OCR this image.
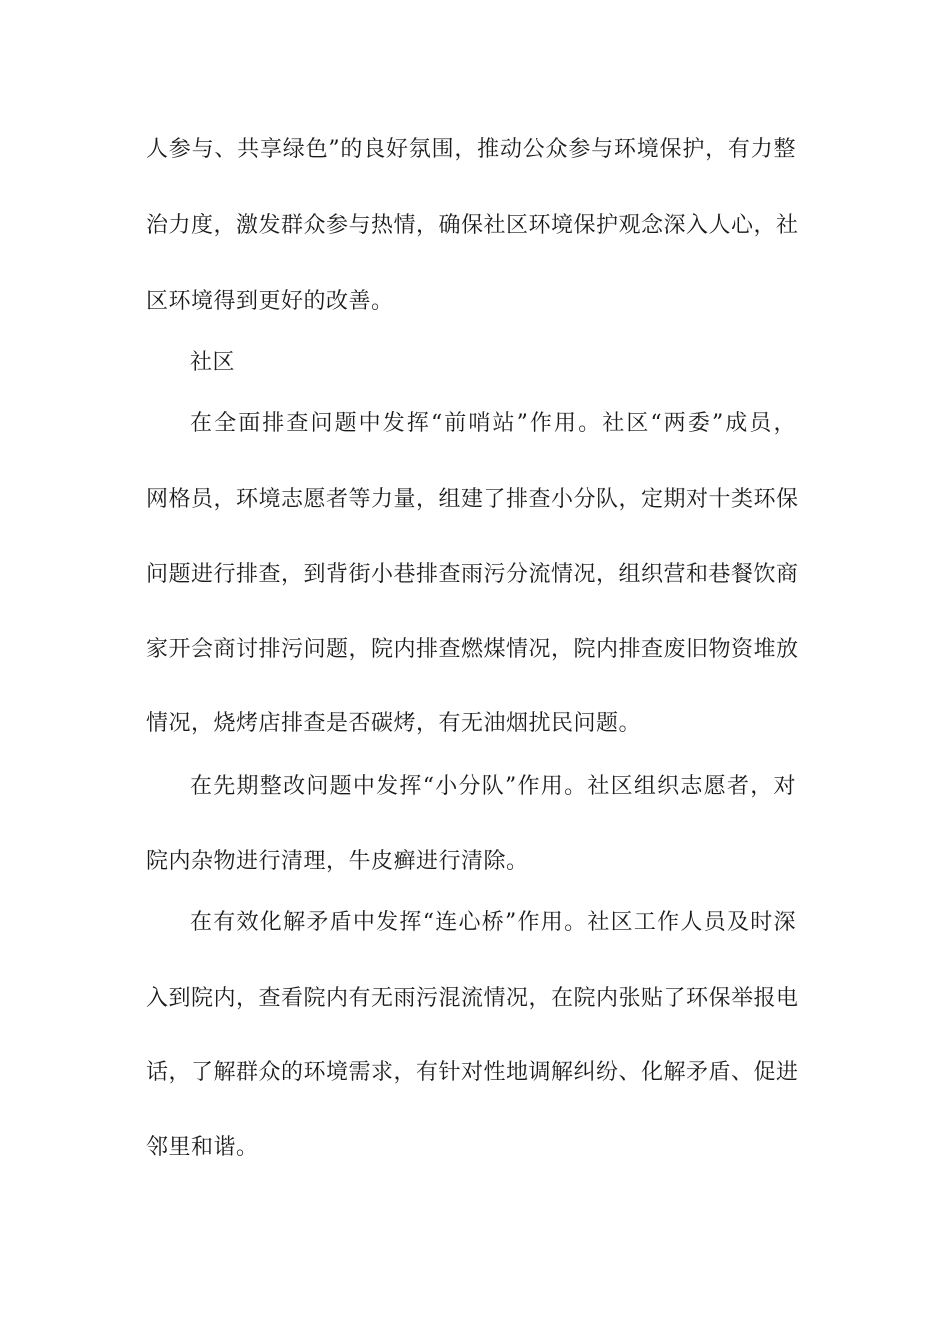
人参与、共享绿色”的良好氛围，推动公众参与环境保护，有力整
治力度，激发群众参与热情，确保社区环境保护观念深入人心，社
区环境得到更好的改善。
社区
在全面排查问题中发挥“前哨站”作用。社区“两委”成员，
网格员，环境志愿者等力量，组建了排查小分队，定期对十类环保
问题进行排查，到背街小巷排查雨污分流情况，组织营和巷餐饮商
家开会商讨排污问题，院内排查燃煤情况，院内排查废旧物资堆放
情况，烧烤店排查是否碳烤，有无油烟扰民问题。
在先期整改问题中发挥“小分队”作用。社区组织志愿者，对
院内杂物进行清理，牛皮癣进行清除。
在有效化解矛盾中发挥“连心桥”作用。社区工作人员及时深
入到院内，查看院内有无雨污混流情况，在院内张贴了环保举报电
话，了解群众的环境需求，有针对性地调解纠纷、化解矛盾、促进
邻里和谐。
